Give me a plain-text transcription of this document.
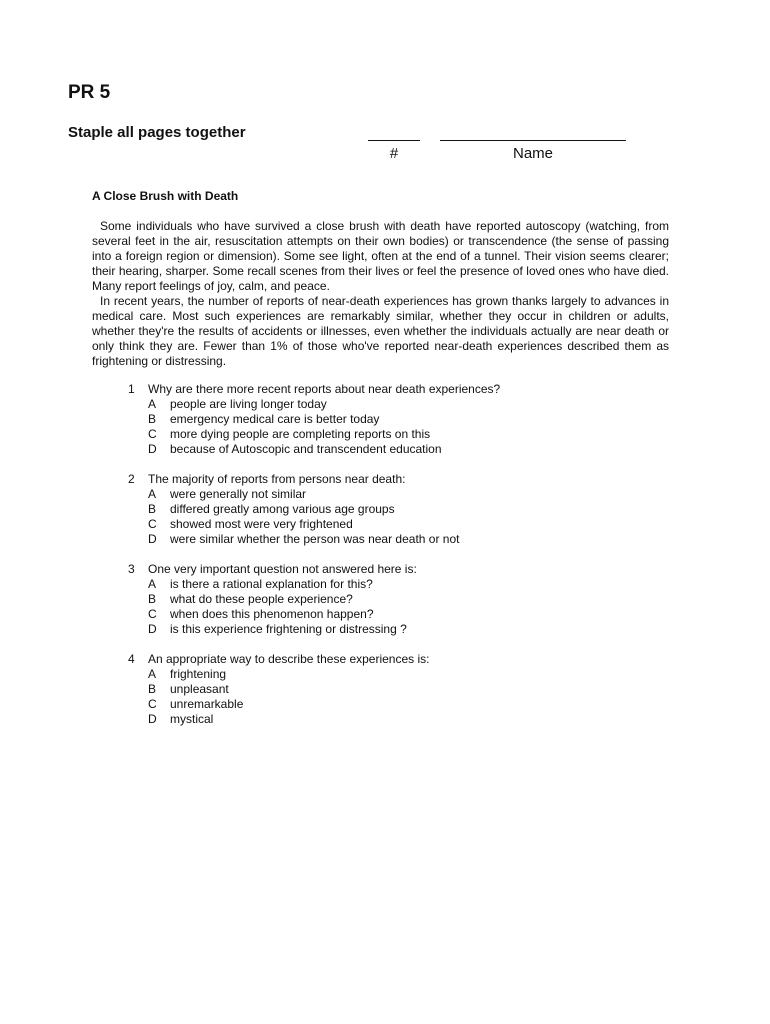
PR 5
Staple all pages together
#	Name
A Close Brush with Death

Some individuals who have survived a close brush with death have reported autoscopy (watching, from several feet in the air, resuscitation attempts on their own bodies) or transcendence (the sense of passing into a foreign region or dimension). Some see light, often at the end of a tunnel. Their vision seems clearer; their hearing, sharper. Some recall scenes from their lives or feel the presence of loved ones who have died. Many report feelings of joy, calm, and peace.

In recent years, the number of reports of near-death experiences has grown thanks largely to advances in medical care. Most such experiences are remarkably similar, whether they occur in children or adults, whether they're the results of accidents or illnesses, even whether the individuals actually are near death or only think they are. Fewer than 1% of those who've reported near-death experiences described them as frightening or distressing.

1	Why are there more recent reports about near death experiences?
A	people are living longer today
B	emergency medical care is better today
C	more dying people are completing reports on this
D	because of Autoscopic and transcendent education
2	The majority of reports from persons near death:
A	were generally not similar
B	differed greatly among various age groups
C	showed most were very frightened
D	were similar whether the person was near death or not
3	One very important question not answered here is:
A	is there a rational explanation for this?
B	what do these people experience?
C	when does this phenomenon happen?
D	is this experience frightening or distressing ?
4	An appropriate way to describe these experiences is:
A	frightening
B	unpleasant
C	unremarkable
D	mystical
